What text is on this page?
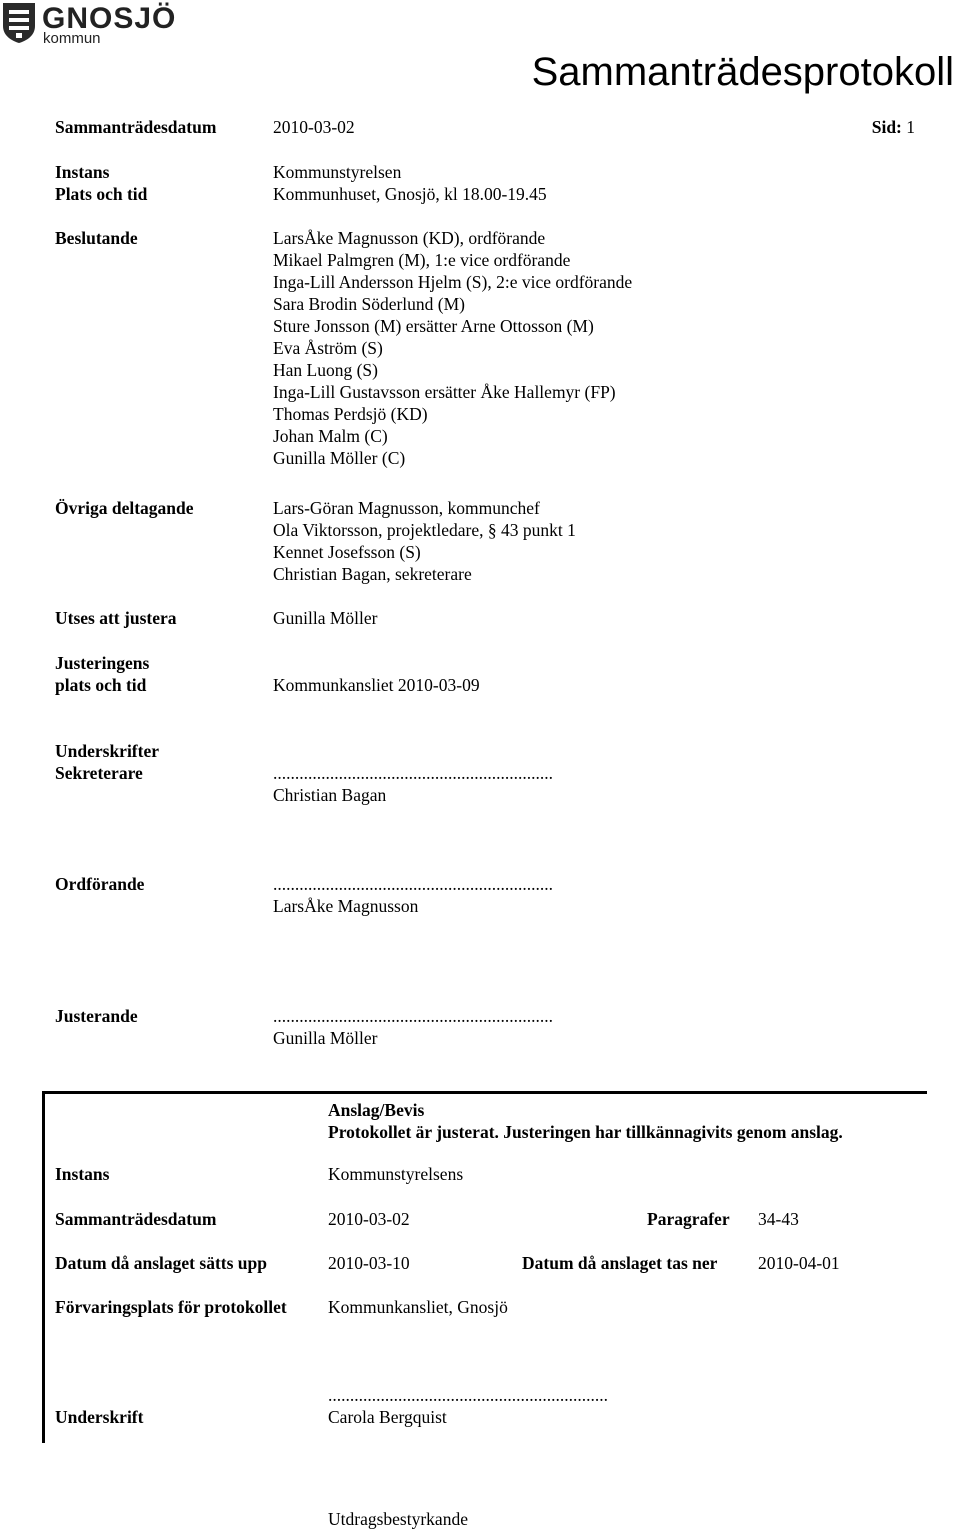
GNOSJÖ
kommun
Sammanträdesprotokoll
Sammanträdesdatum	2010-03-02	Sid: 1
Instans	Kommunstyrelsen
Plats och tid	Kommunhuset, Gnosjö, kl 18.00-19.45
Beslutande	LarsÅke Magnusson (KD), ordförande
Mikael Palmgren (M), 1:e vice ordförande
Inga-Lill Andersson Hjelm (S), 2:e vice ordförande
Sara Brodin Söderlund (M)
Sture Jonsson (M) ersätter Arne Ottosson (M)
Eva Åström (S)
Han Luong (S)
Inga-Lill Gustavsson ersätter Åke Hallemyr (FP)
Thomas Perdsjö (KD)
Johan Malm (C)
Gunilla Möller (C)
Övriga deltagande	Lars-Göran Magnusson, kommunchef
Ola Viktorsson, projektledare, § 43 punkt 1
Kennet Josefsson (S)
Christian Bagan, sekreterare
Utses att justera	Gunilla Möller
Justeringens
plats och tid	Kommunkansliet 2010-03-09
Underskrifter
Sekreterare	................................................................
Christian Bagan
Ordförande	................................................................
LarsÅke Magnusson
Justerande	................................................................
Gunilla Möller
Anslag/Bevis
Protokollet är justerat. Justeringen har tillkännagivits genom anslag.
Instans	Kommunstyrelsens
Sammanträdesdatum	2010-03-02	Paragrafer 34-43
Datum då anslaget sätts upp	2010-03-10	Datum då anslaget tas ner 2010-04-01
Förvaringsplats för protokollet Kommunkansliet, Gnosjö
................................................................
Underskrift	Carola Bergquist
Utdragsbestyrkande
